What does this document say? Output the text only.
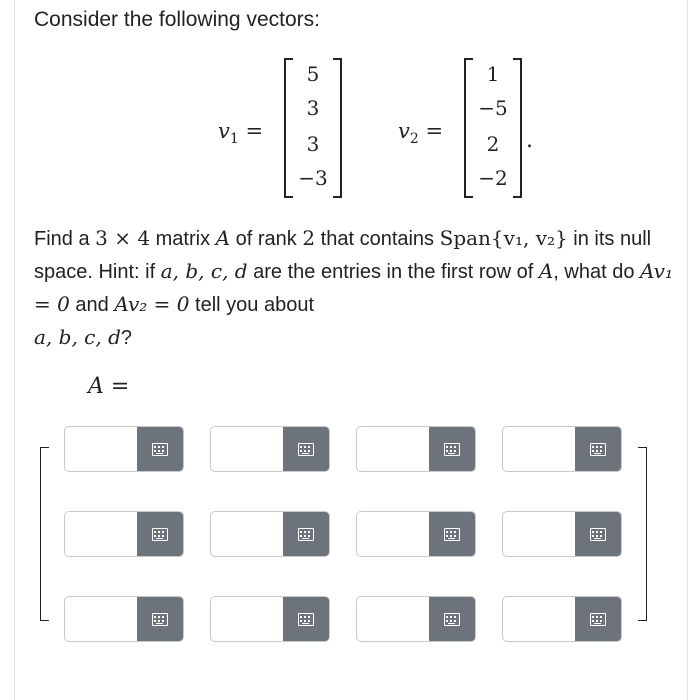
Consider the following vectors:
$v_1$ =
5
3
3
−3
$v_2$ =
1
−5
2
−2
.
Find a 3 × 4 matrix A of rank 2 that contains Span{v₁, v₂} in its null space. Hint: if a, b, c, d are the entries in the first row of A, what do Av₁ = 0 and Av₂ = 0 tell you about
a, b, c, d?
A =
